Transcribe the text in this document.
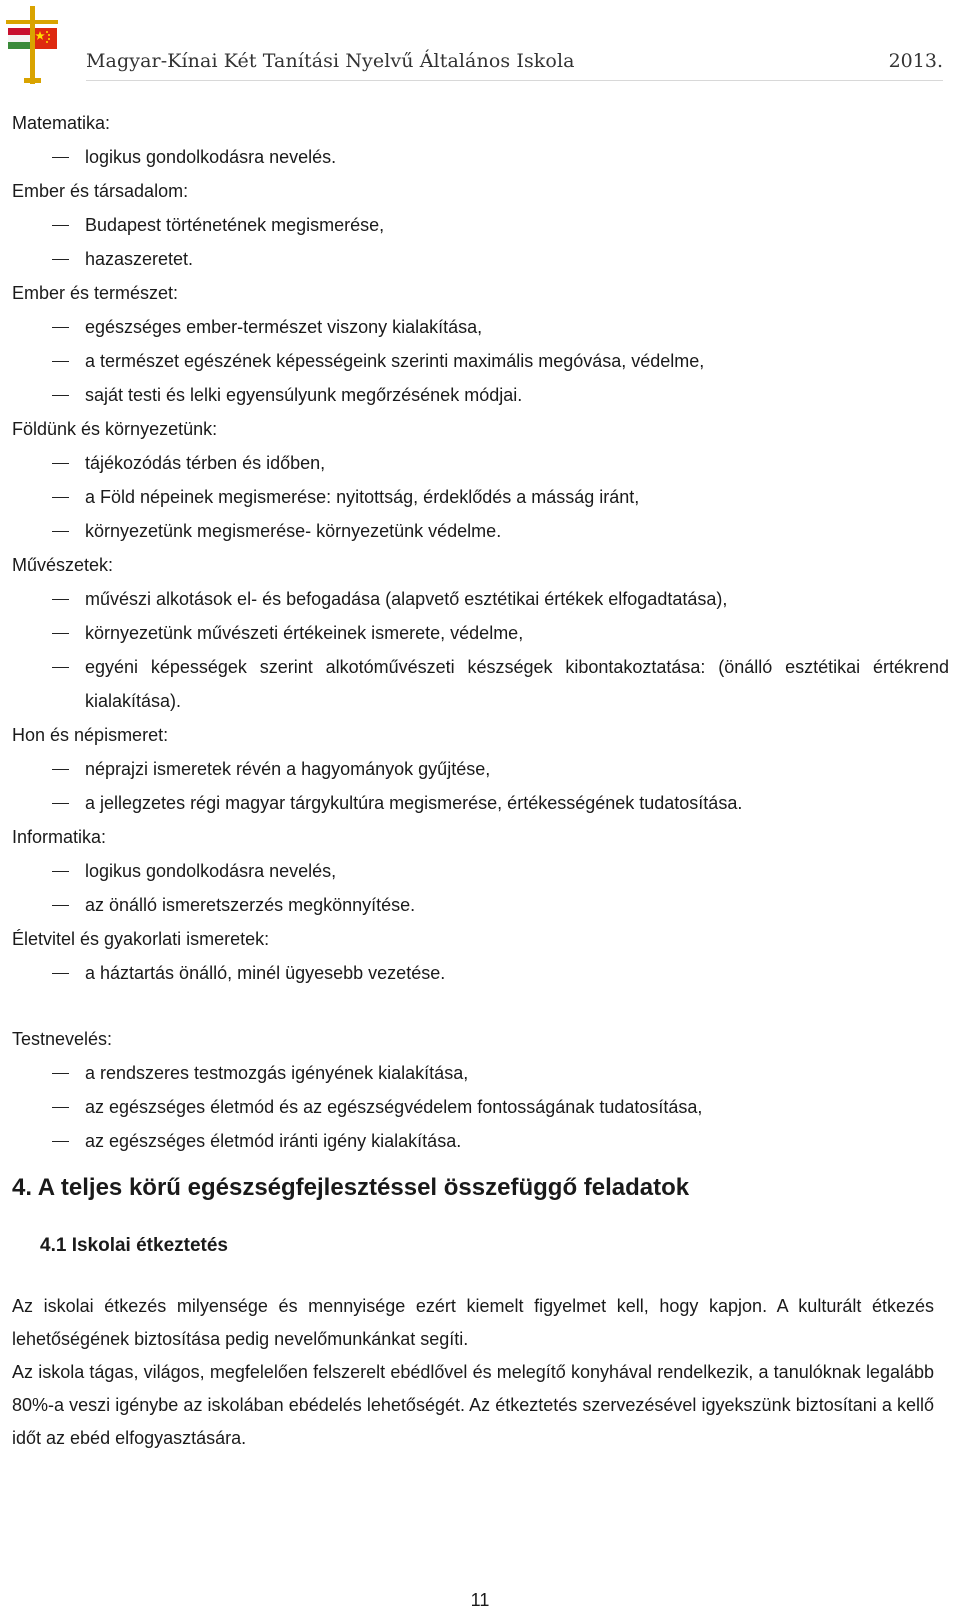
Magyar-Kínai Két Tanítási Nyelvű Általános Iskola	2013.
Matematika:
logikus gondolkodásra nevelés.
Ember és társadalom:
Budapest történetének megismerése,
hazaszeretet.
Ember és természet:
egészséges ember-természet viszony kialakítása,
a természet egészének képességeink szerinti maximális megóvása, védelme,
saját testi és lelki egyensúlyunk megőrzésének módjai.
Földünk és környezetünk:
tájékozódás térben és időben,
a Föld népeinek megismerése: nyitottság, érdeklődés a másság iránt,
környezetünk megismerése- környezetünk védelme.
Művészetek:
művészi alkotások el- és befogadása (alapvető esztétikai értékek elfogadtatása),
környezetünk művészeti értékeinek ismerete, védelme,
egyéni képességek szerint alkotóművészeti készségek kibontakoztatása: (önálló esztétikai értékrend kialakítása).
Hon és népismeret:
néprajzi ismeretek révén a hagyományok gyűjtése,
a jellegzetes régi magyar tárgykultúra megismerése, értékességének tudatosítása.
Informatika:
logikus gondolkodásra nevelés,
az önálló ismeretszerzés megkönnyítése.
Életvitel és gyakorlati ismeretek:
a háztartás önálló, minél ügyesebb vezetése.
Testnevelés:
a rendszeres testmozgás igényének kialakítása,
az egészséges életmód és az egészségvédelem fontosságának tudatosítása,
az egészséges életmód iránti igény kialakítása.
4. A teljes körű egészségfejlesztéssel összefüggő feladatok
4.1 Iskolai étkeztetés
Az iskolai étkezés milyensége és mennyisége ezért kiemelt figyelmet kell, hogy kapjon. A kulturált étkezés lehetőségének biztosítása pedig nevelőmunkánkat segíti.
Az iskola tágas, világos, megfelelően felszerelt ebédlővel és melegítő konyhával rendelkezik, a tanulóknak legalább 80%-a veszi igénybe az iskolában ebédelés lehetőségét. Az étkeztetés szervezésével igyekszünk biztosítani a kellő időt az ebéd elfogyasztására.
11
